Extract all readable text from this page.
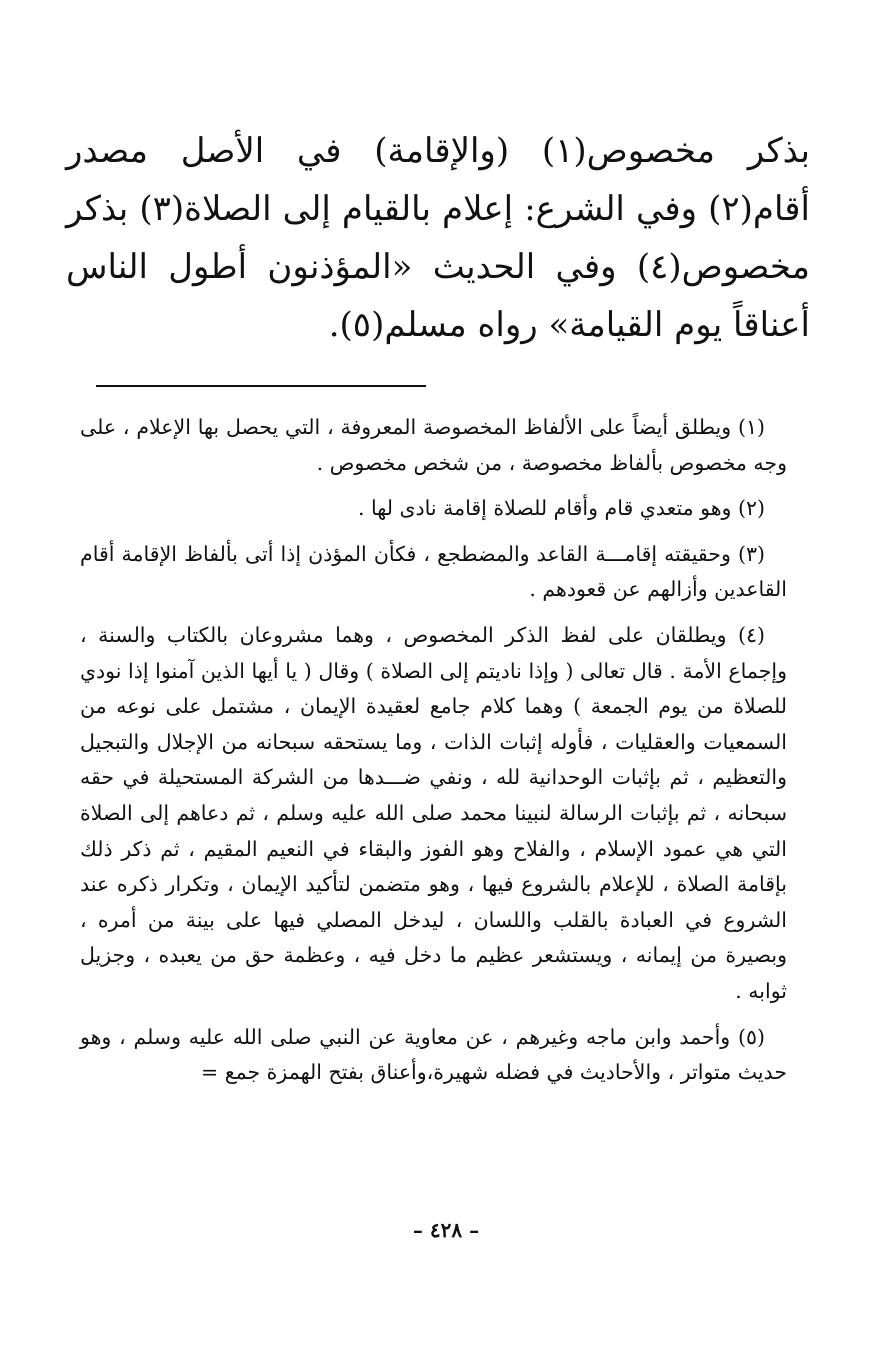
بذكر مخصوص(١) (والإقامة) في الأصل مصدر أقام(٢) وفي الشرع: إعلام بالقيام إلى الصلاة(٣) بذكر مخصوص(٤) وفي الحديث «المؤذنون أطول الناس أعناقاً يوم القيامة» رواه مسلم(٥).

(١) ويطلق أيضاً على الألفاظ المخصوصة المعروفة ، التي يحصل بها الإعلام ، على وجه مخصوص بألفاظ مخصوصة ، من شخص مخصوص .

(٢) وهو متعدي قام وأقام للصلاة إقامة نادى لها .

(٣) وحقيقته إقامـــة القاعد والمضطجع ، فكأن المؤذن إذا أتى بألفاظ الإقامة أقام القاعدين وأزالهم عن قعودهم .

(٤) ويطلقان على لفظ الذكر المخصوص ، وهما مشروعان بالكتاب والسنة ، وإجماع الأمة . قال تعالى ( وإذا ناديتم إلى الصلاة ) وقال ( يا أيها الذين آمنوا إذا نودي للصلاة من يوم الجمعة ) وهما كلام جامع لعقيدة الإيمان ، مشتمل على نوعه من السمعيات والعقليات ، فأوله إثبات الذات ، وما يستحقه سبحانه من الإجلال والتبجيل والتعظيم ، ثم بإثبات الوحدانية لله ، ونفي ضـــدها من الشركة المستحيلة في حقه سبحانه ، ثم بإثبات الرسالة لنبينا محمد صلى الله عليه وسلم ، ثم دعاهم إلى الصلاة التي هي عمود الإسلام ، والفلاح وهو الفوز والبقاء في النعيم المقيم ، ثم ذكر ذلك بإقامة الصلاة ، للإعلام بالشروع فيها ، وهو متضمن لتأكيد الإيمان ، وتكرار ذكره عند الشروع في العبادة بالقلب واللسان ، ليدخل المصلي فيها على بينة من أمره ، وبصيرة من إيمانه ، ويستشعر عظيم ما دخل فيه ، وعظمة حق من يعبده ، وجزيل ثوابه .

(٥) وأحمد وابن ماجه وغيرهم ، عن معاوية عن النبي صلى الله عليه وسلم ، وهو حديث متواتر ، والأحاديث في فضله شهيرة،وأعناق بفتح الهمزة جمع =

– ٤٢٨ –
